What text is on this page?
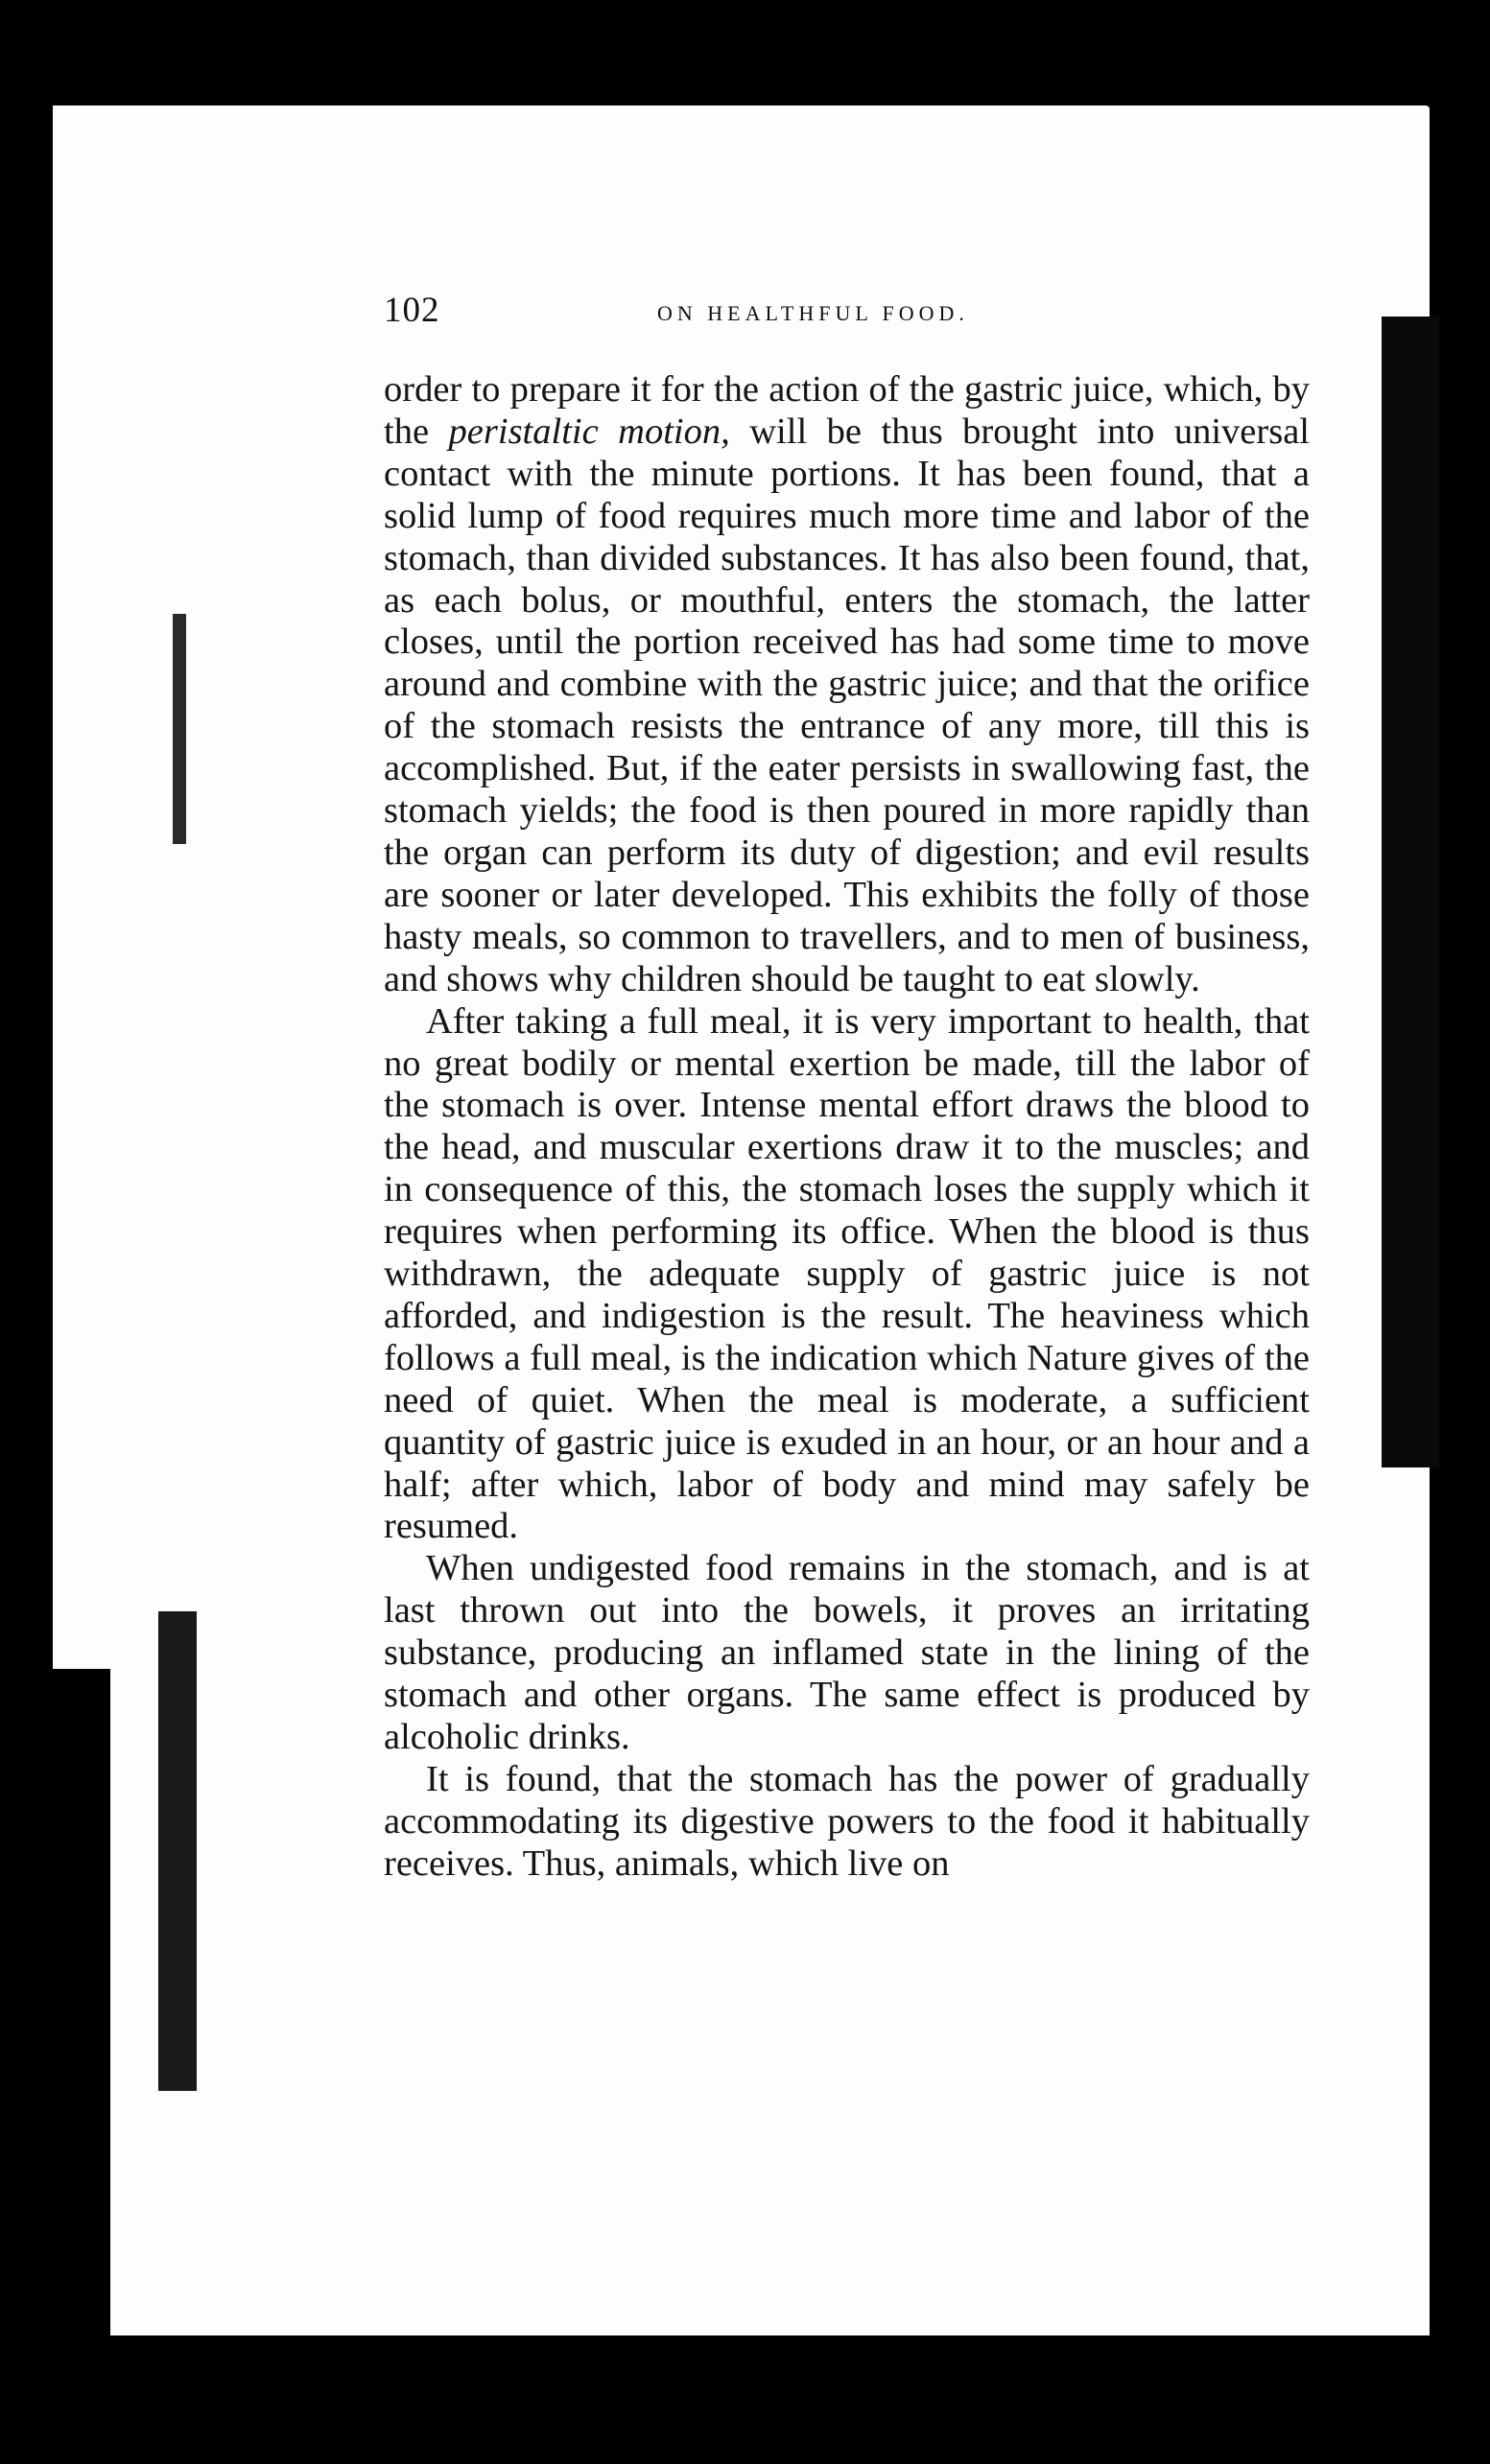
102	ON HEALTHFUL FOOD.

order to prepare it for the action of the gastric juice, which, by the peristaltic motion, will be thus brought into universal contact with the minute portions. It has been found, that a solid lump of food requires much more time and labor of the stomach, than divided substances. It has also been found, that, as each bolus, or mouthful, enters the stomach, the latter closes, until the portion received has had some time to move around and combine with the gastric juice; and that the orifice of the stomach resists the entrance of any more, till this is accomplished. But, if the eater persists in swallowing fast, the stomach yields; the food is then poured in more rapidly than the organ can perform its duty of digestion; and evil results are sooner or later developed. This exhibits the folly of those hasty meals, so common to travellers, and to men of business, and shows why children should be taught to eat slowly.

After taking a full meal, it is very important to health, that no great bodily or mental exertion be made, till the labor of the stomach is over. Intense mental effort draws the blood to the head, and muscular exertions draw it to the muscles; and in consequence of this, the stomach loses the supply which it requires when performing its office. When the blood is thus withdrawn, the adequate supply of gastric juice is not afforded, and indigestion is the result. The heaviness which follows a full meal, is the indication which Nature gives of the need of quiet. When the meal is moderate, a sufficient quantity of gastric juice is exuded in an hour, or an hour and a half; after which, labor of body and mind may safely be resumed.

When undigested food remains in the stomach, and is at last thrown out into the bowels, it proves an irritating substance, producing an inflamed state in the lining of the stomach and other organs. The same effect is produced by alcoholic drinks.

It is found, that the stomach has the power of gradually accommodating its digestive powers to the food it habitually receives. Thus, animals, which live on
